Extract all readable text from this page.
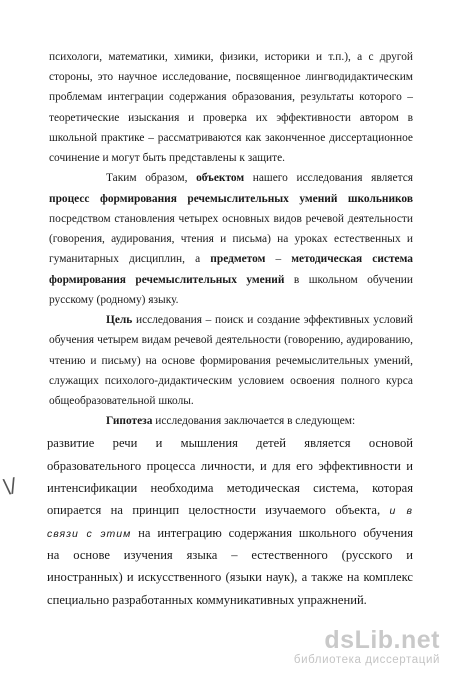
психологи, математики, химики, физики, историки и т.п.), а с другой
стороны, это научное исследование, посвященное лингводидактическим
проблемам интеграции содержания образования, результаты которого –
теоретические изыскания и проверка их эффективности автором в
школьной практике – рассматриваются как законченное диссертационное
сочинение и могут быть представлены к защите.
Таким образом, объектом нашего исследования является
процесс формирования речемыслительных умений школьников
посредством становления четырех основных видов речевой деятельности
(говорения, аудирования, чтения и письма) на уроках естественных и
гуманитарных дисциплин, а предметом – методическая система
формирования речемыслительных умений в школьном обучении
русскому (родному) языку.
Цель исследования – поиск и создание эффективных условий
обучения четырем видам речевой деятельности (говорению, аудированию,
чтению и письму) на основе формирования речемыслительных умений,
служащих психолого-дидактическим условием освоения полного курса
общеобразовательной школы.
Гипотеза исследования заключается в следующем:
развитие речи и мышления детей является основой
образовательного процесса личности, и для его эффективности и
интенсификации необходима методическая система, которая
опирается на принцип целостности изучаемого объекта, и в
связи с этим на интеграцию содержания школьного обучения
на основе изучения языка – естественного (русского и
иностранных) и искусственного (языки наук), а также на комплекс
специально разработанных коммуникативных упражнений.
\/
dsLib.net
библиотека диссертаций
